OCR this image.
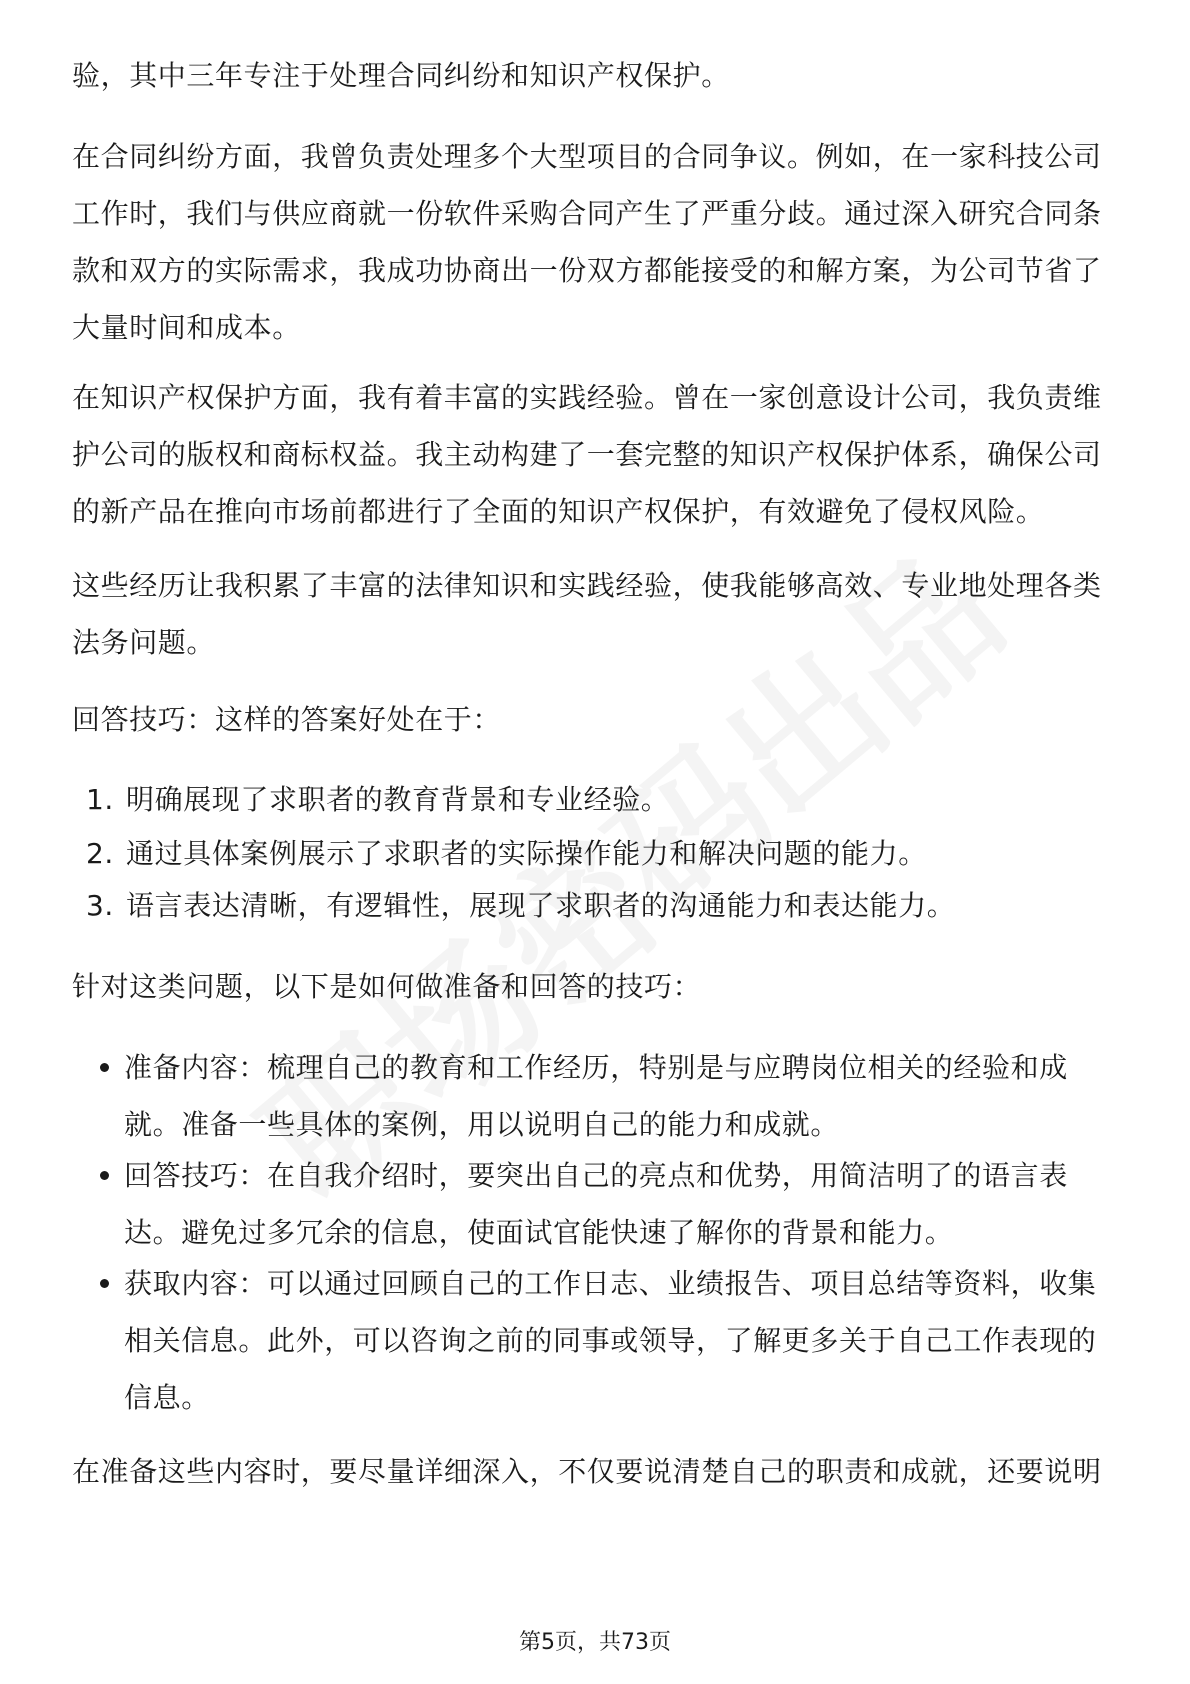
验，其中三年专注于处理合同纠纷和知识产权保护。

在合同纠纷方面，我曾负责处理多个大型项目的合同争议。例如，在一家科技公司工作时，我们与供应商就一份软件采购合同产生了严重分歧。通过深入研究合同条款和双方的实际需求，我成功协商出一份双方都能接受的和解方案，为公司节省了大量时间和成本。

在知识产权保护方面，我有着丰富的实践经验。曾在一家创意设计公司，我负责维护公司的版权和商标权益。我主动构建了一套完整的知识产权保护体系，确保公司的新产品在推向市场前都进行了全面的知识产权保护，有效避免了侵权风险。

这些经历让我积累了丰富的法律知识和实践经验，使我能够高效、专业地处理各类法务问题。

回答技巧：这样的答案好处在于：

1. 明确展现了求职者的教育背景和专业经验。
2. 通过具体案例展示了求职者的实际操作能力和解决问题的能力。
3. 语言表达清晰，有逻辑性，展现了求职者的沟通能力和表达能力。

针对这类问题，以下是如何做准备和回答的技巧：

准备内容：梳理自己的教育和工作经历，特别是与应聘岗位相关的经验和成就。准备一些具体的案例，用以说明自己的能力和成就。
回答技巧：在自我介绍时，要突出自己的亮点和优势，用简洁明了的语言表达。避免过多冗余的信息，使面试官能快速了解你的背景和能力。
获取内容：可以通过回顾自己的工作日志、业绩报告、项目总结等资料，收集相关信息。此外，可以咨询之前的同事或领导，了解更多关于自己工作表现的信息。

在准备这些内容时，要尽量详细深入，不仅要说清楚自己的职责和成就，还要说明

第5页，共73页
